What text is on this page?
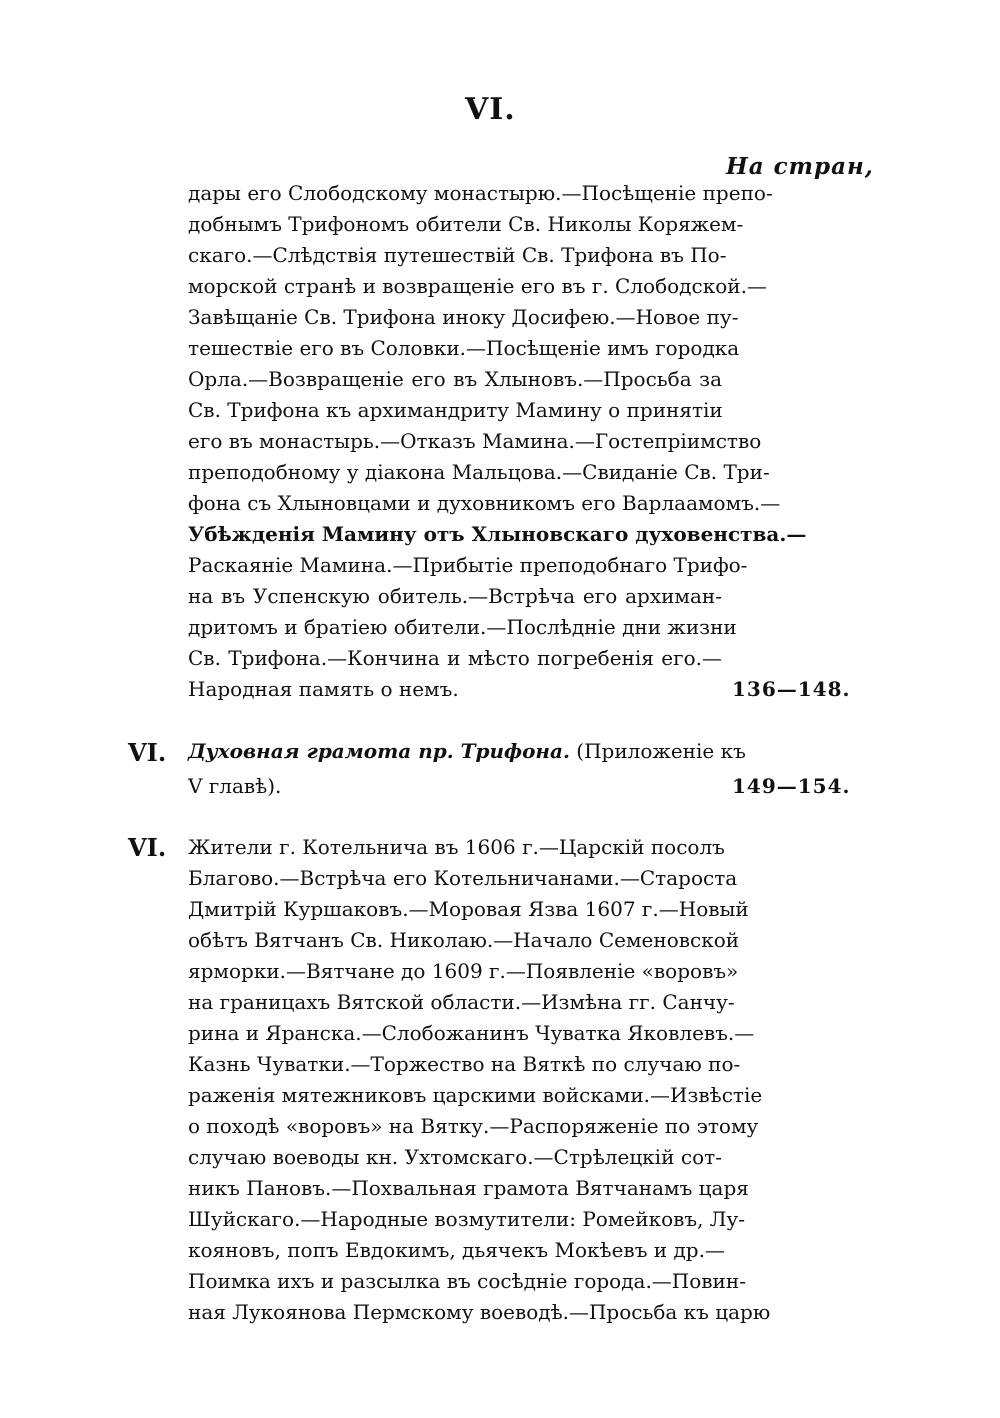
VI.
На стран,
дары его Слободскому монастырю.—Посѣщеніе препо-
добнымъ Трифономъ обители Св. Николы Коряжем-
скаго.—Слѣдствія путешествій Св. Трифона въ По-
морской странѣ и возвращеніе его въ г. Слободской.—
Завѣщаніе Св. Трифона иноку Досифею.—Новое пу-
тешествіе его въ Соловки.—Посѣщеніе имъ городка
Орла.—Возвращеніе его въ Хлыновъ.—Просьба за
Св. Трифона къ архимандриту Мамину о принятіи
его въ монастырь.—Отказъ Мамина.—Гостепріимство
преподобному у діакона Мальцова.—Свиданіе Св. Три-
фона съ Хлыновцами и духовникомъ его Варлаамомъ.—
Убѣжденія Мамину отъ Хлыновскаго духовенства.—
Раскаяніе Мамина.—Прибытіе преподобнаго Трифо-
на въ Успенскую обитель.—Встрѣча его архиман-
дритомъ и братіею обители.—Послѣдніе дни жизни
Св. Трифона.—Кончина и мѣсто погребенія его.—
Народная память о немъ.	136—148.
VI. Духовная грамота пр. Трифона. (Приложеніе къ
V главѣ).	149—154.
VI. Жители г. Котельнича въ 1606 г.—Царскій посолъ
Благово.—Встрѣча его Котельничанами.—Староста
Дмитрій Куршаковъ.—Моровая Язва 1607 г.—Новый
обѣтъ Вятчанъ Св. Николаю.—Начало Семеновской
ярморки.—Вятчане до 1609 г.—Появленіе «воровъ»
на границахъ Вятской области.—Измѣна гг. Санчу-
рина и Яранска.—Слобожанинъ Чуватка Яковлевъ.—
Казнь Чуватки.—Торжество на Вяткѣ по случаю по-
раженія мятежниковъ царскими войсками.—Извѣстіе
о походѣ «воровъ» на Вятку.—Распоряженіе по этому
случаю воеводы кн. Ухтомскаго.—Стрѣлецкій сот-
никъ Пановъ.—Похвальная грамота Вятчанамъ царя
Шуйскаго.—Народные возмутители: Ромейковъ, Лу-
кояновъ, попъ Евдокимъ, дьячекъ Мокѣевъ и др.—
Поимка ихъ и разсылка въ сосѣдніе города.—Повин-
ная Лукоянова Пермскому воеводѣ.—Просьба къ царю
